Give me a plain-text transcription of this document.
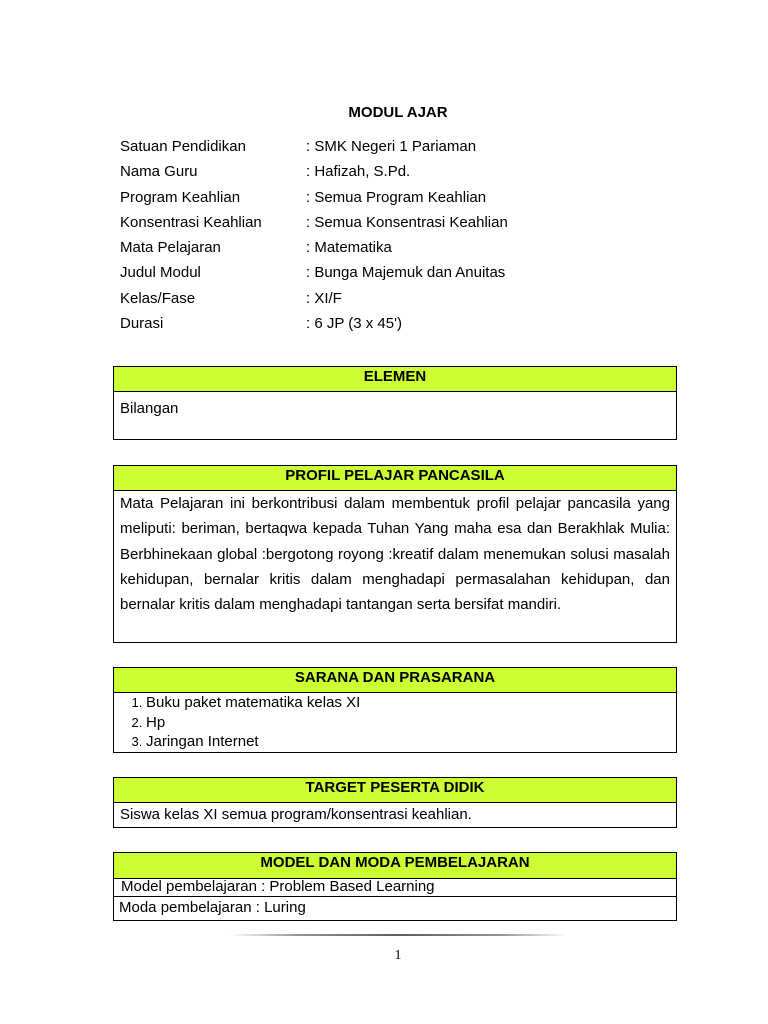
MODUL AJAR
Satuan Pendidikan	: SMK Negeri 1 Pariaman
Nama Guru	: Hafizah, S.Pd.
Program Keahlian	: Semua Program Keahlian
Konsentrasi Keahlian	: Semua Konsentrasi Keahlian
Mata Pelajaran	: Matematika
Judul Modul	: Bunga Majemuk dan Anuitas
Kelas/Fase	: XI/F
Durasi	: 6 JP (3 x 45')
ELEMEN
Bilangan
PROFIL PELAJAR PANCASILA
Mata Pelajaran ini berkontribusi dalam membentuk profil pelajar pancasila yang meliputi: beriman, bertaqwa kepada Tuhan Yang maha esa dan Berakhlak Mulia: Berbhinekaan global :bergotong royong :kreatif dalam menemukan solusi masalah kehidupan, bernalar kritis dalam menghadapi permasalahan kehidupan, dan bernalar kritis dalam menghadapi tantangan serta bersifat mandiri.
SARANA DAN PRASARANA
1. Buku paket matematika kelas XI
2. Hp
3. Jaringan Internet
TARGET PESERTA DIDIK
Siswa kelas XI semua program/konsentrasi keahlian.
MODEL DAN MODA PEMBELAJARAN
Model pembelajaran : Problem Based Learning
Moda pembelajaran : Luring
1
